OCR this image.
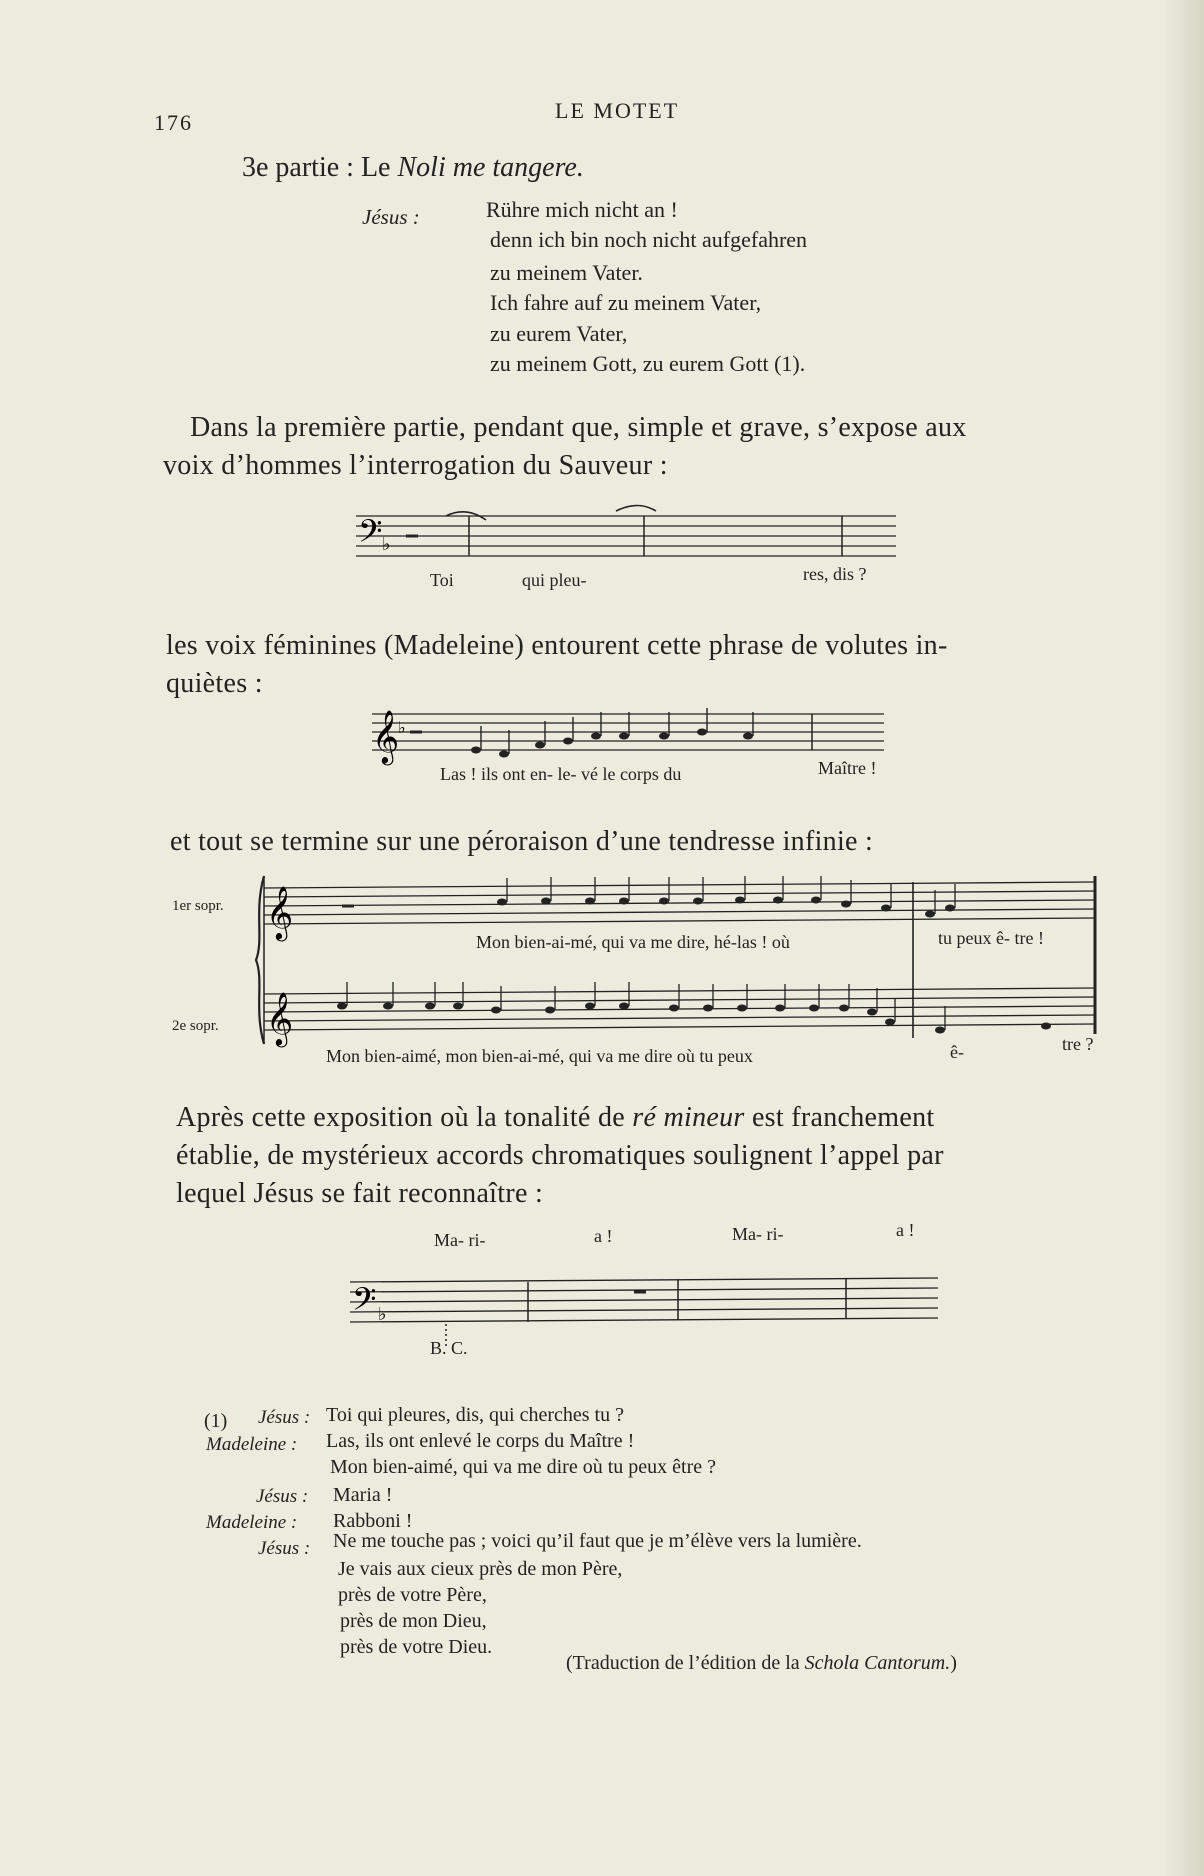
176	LE MOTET
3e partie : Le Noli me tangere.
Jésus :	Rühre mich nicht an !
denn ich bin noch nicht aufgefahren
zu meinem Vater.
Ich fahre auf zu meinem Vater,
zu eurem Vater,
zu meinem Gott, zu eurem Gott (1).
Dans la première partie, pendant que, simple et grave, s’expose aux
voix d’hommes l’interrogation du Sauveur :
𝄢 ♭
Toi	qui pleu-	res, dis ?
les voix féminines (Madeleine) entourent cette phrase de volutes in-
quiètes :
𝄞
♭
Las ! ils ont en- le- vé le corps du	Maître !
et tout se termine sur une péroraison d’une tendresse infinie :
1er sopr.
2e sopr.
𝄞
𝄞
Mon bien-ai-mé, qui va me dire, hé-las ! où	tu peux ê- tre !
Mon bien-aimé, mon bien-ai-mé, qui va me dire où tu peux	ê-	tre ?
Après cette exposition où la tonalité de ré mineur est franchement
établie, de mystérieux accords chromatiques soulignent l’appel par
lequel Jésus se fait reconnaître :
Ma- ri-	a !	Ma- ri-	a !
𝄢 ♭
B. C.
(1) Jésus : Toi qui pleures, dis, qui cherches tu ?
Madeleine : Las, ils ont enlevé le corps du Maître !
Mon bien-aimé, qui va me dire où tu peux être ?
Jésus : Maria !
Madeleine : Rabboni !
Jésus : Ne me touche pas ; voici qu’il faut que je m’élève vers la lumière.
Je vais aux cieux près de mon Père,
près de votre Père,
près de mon Dieu,
près de votre Dieu.
(Traduction de l’édition de la Schola Cantorum.)
